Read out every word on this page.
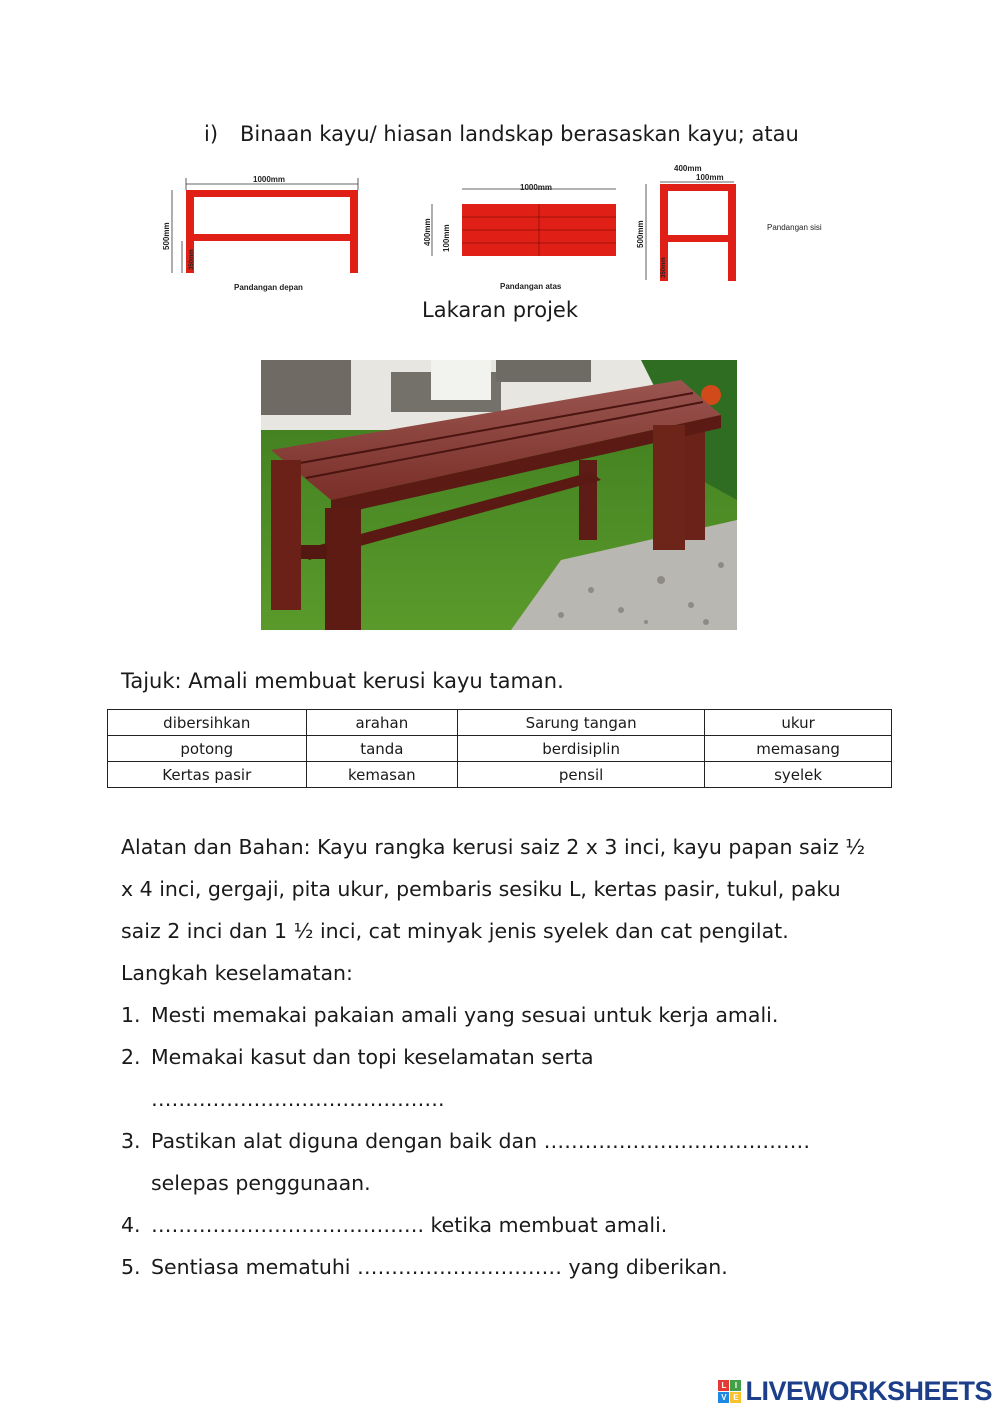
i) Binaan kayu/ hiasan landskap berasaskan kayu; atau
1000mm
500mm
350mm
Pandangan depan
1000mm
400mm 100mm
Pandangan atas
400mm
100mm
500mm
350mm
Pandangan sisi
Lakaran projek
Tajuk: Amali membuat kerusi kayu taman.
dibersihkan	arahan	Sarung tangan	ukur
potong	tanda	berdisiplin	memasang
Kertas pasir	kemasan	pensil	syelek
Alatan dan Bahan: Kayu rangka kerusi saiz 2 x 3 inci, kayu papan saiz ½ x 4 inci, gergaji, pita ukur, pembaris sesiku L, kertas pasir, tukul, paku saiz 2 inci dan 1 ½ inci, cat minyak jenis syelek dan cat pengilat.
Langkah keselamatan:
1. Mesti memakai pakaian amali yang sesuai untuk kerja amali.
2. Memakai kasut dan topi keselamatan serta …………………………………….
3. Pastikan alat diguna dengan baik dan ………………………………… selepas penggunaan.
4. …………………………………. ketika membuat amali.
5. Sentiasa mematuhi ………………………… yang diberikan.
L	I
V E LIVEWORKSHEETS
